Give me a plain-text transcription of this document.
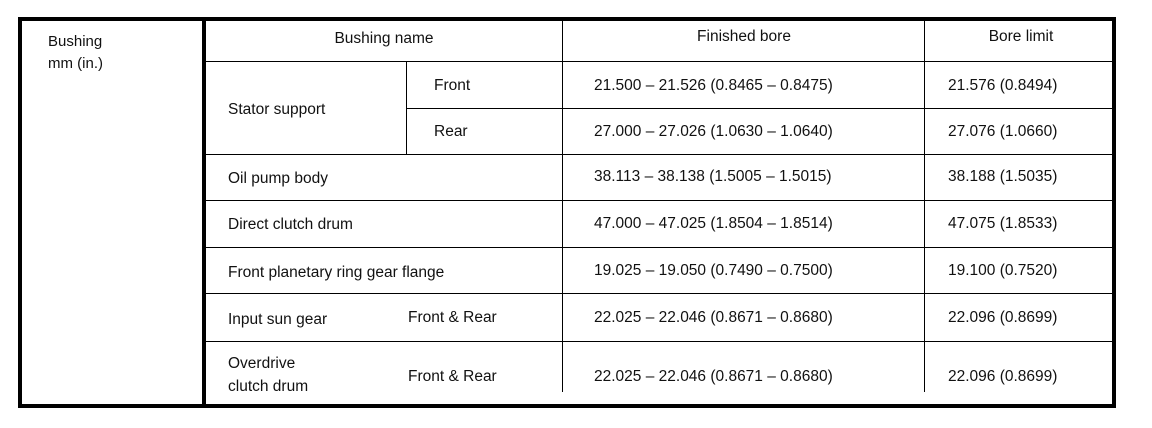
Bushing
mm (in.)
Bushing name	Finished bore	Bore limit
Stator support
Front	21.500 – 21.526 (0.8465 – 0.8475)	21.576 (0.8494)
Rear	27.000 – 27.026 (1.0630 – 1.0640)	27.076 (1.0660)
Oil pump body	38.113 – 38.138 (1.5005 – 1.5015)	38.188 (1.5035)
Direct clutch drum	47.000 – 47.025 (1.8504 – 1.8514)	47.075 (1.8533)
Front planetary ring gear flange	19.025 – 19.050 (0.7490 – 0.7500)	19.100 (0.7520)
Input sun gear	Front & Rear	22.025 – 22.046 (0.8671 – 0.8680)	22.096 (0.8699)
Overdrive
clutch drum
Front & Rear	22.025 – 22.046 (0.8671 – 0.8680)	22.096 (0.8699)
